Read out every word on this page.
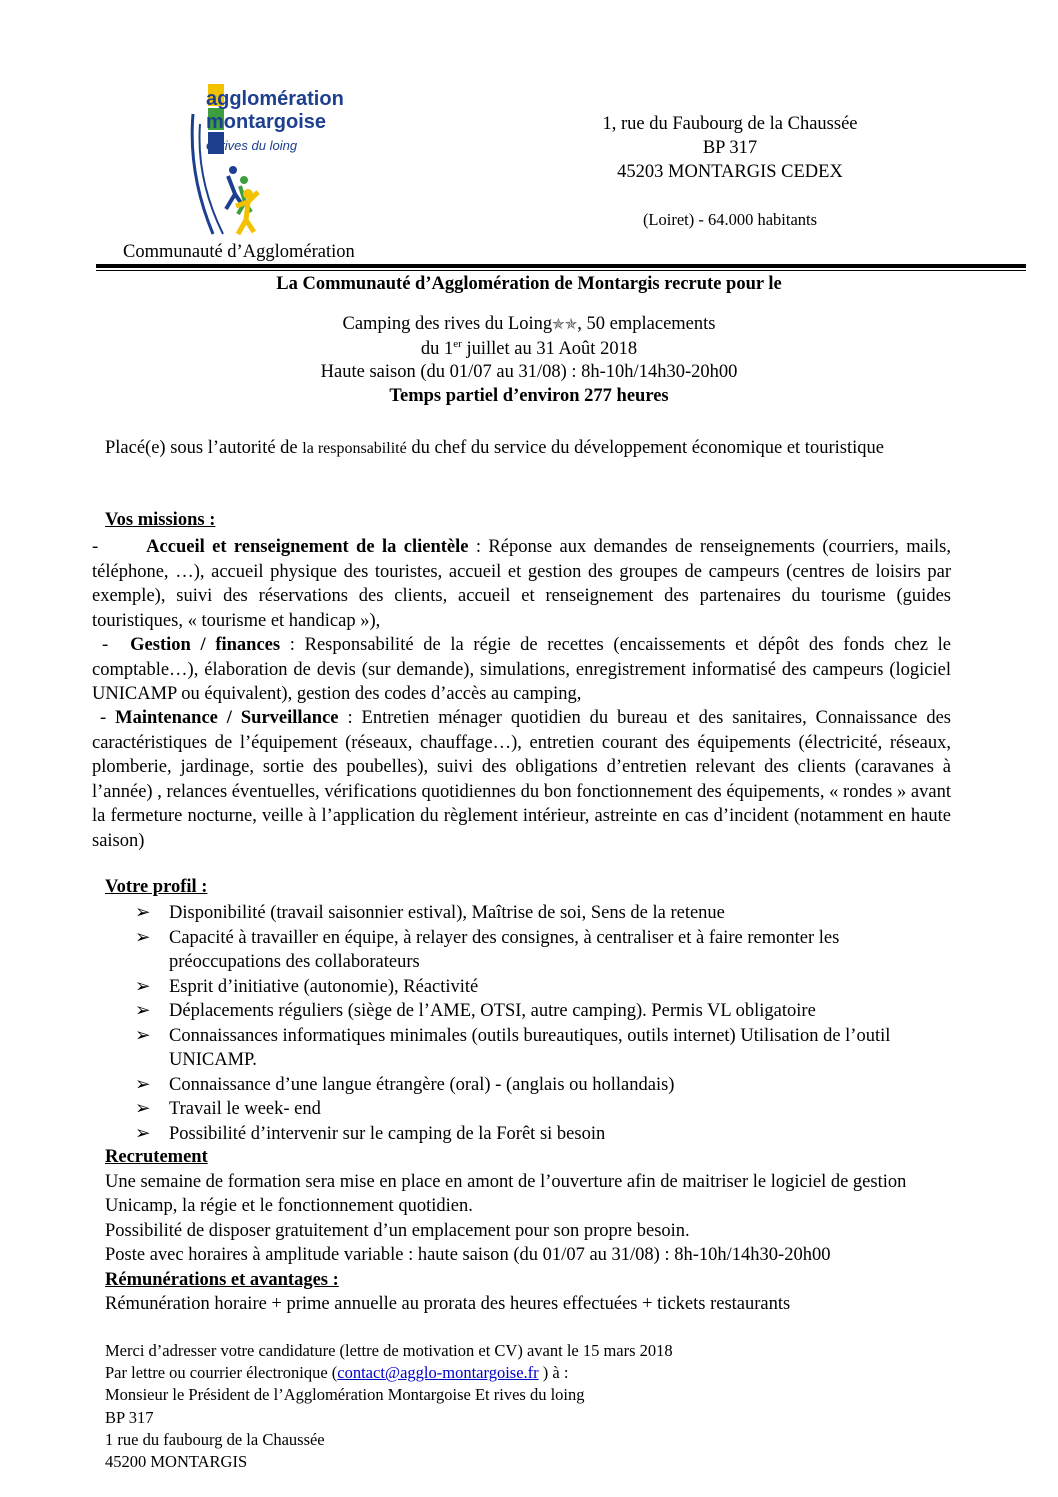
agglomération
montargoise
et rives du loing
1, rue du Faubourg de la Chaussée
BP 317
45203 MONTARGIS CEDEX
(Loiret) - 64.000 habitants
Communauté d’Agglomération
La Communauté d’Agglomération de Montargis recrute pour le
Camping des rives du Loing✯✯, 50 emplacements
du 1er juillet au 31 Août 2018
Haute saison (du 01/07 au 31/08) : 8h-10h/14h30-20h00
Temps partiel d’environ 277 heures
Placé(e) sous l’autorité de la responsabilité du chef du service du développement économique et touristique
Vos missions :
-	Accueil et renseignement de la clientèle : Réponse aux demandes de renseignements (courriers, mails, téléphone, …), accueil physique des touristes, accueil et gestion des groupes de campeurs (centres de loisirs par exemple), suivi des réservations des clients, accueil et renseignement des partenaires du tourisme (guides touristiques, « tourisme et handicap »),
- Gestion / finances : Responsabilité de la régie de recettes (encaissements et dépôt des fonds chez le comptable…), élaboration de devis (sur demande), simulations, enregistrement informatisé des campeurs (logiciel UNICAMP ou équivalent), gestion des codes d’accès au camping,
- Maintenance / Surveillance : Entretien ménager quotidien du bureau et des sanitaires, Connaissance des caractéristiques de l’équipement (réseaux, chauffage…), entretien courant des équipements (électricité, réseaux, plomberie, jardinage, sortie des poubelles), suivi des obligations d’entretien relevant des clients (caravanes à l’année) , relances éventuelles, vérifications quotidiennes du bon fonctionnement des équipements, « rondes » avant la fermeture nocturne, veille à l’application du règlement intérieur, astreinte en cas d’incident (notamment en haute saison)
Votre profil :
➢ Disponibilité (travail saisonnier estival), Maîtrise de soi, Sens de la retenue
➢ Capacité à travailler en équipe, à relayer des consignes, à centraliser et à faire remonter les préoccupations des collaborateurs
➢ Esprit d’initiative (autonomie), Réactivité
➢ Déplacements réguliers (siège de l’AME, OTSI, autre camping). Permis VL obligatoire
➢ Connaissances informatiques minimales (outils bureautiques, outils internet) Utilisation de l’outil UNICAMP.
➢ Connaissance d’une langue étrangère (oral) - (anglais ou hollandais)
➢ Travail le week- end
➢ Possibilité d’intervenir sur le camping de la Forêt si besoin
Recrutement
Une semaine de formation sera mise en place en amont de l’ouverture afin de maitriser le logiciel de gestion Unicamp, la régie et le fonctionnement quotidien.
Possibilité de disposer gratuitement d’un emplacement pour son propre besoin.
Poste avec horaires à amplitude variable : haute saison (du 01/07 au 31/08) : 8h-10h/14h30-20h00
Rémunérations et avantages :
Rémunération horaire + prime annuelle au prorata des heures effectuées + tickets restaurants
Merci d’adresser votre candidature (lettre de motivation et CV) avant le 15 mars 2018
Par lettre ou courrier électronique (contact@agglo-montargoise.fr ) à :
Monsieur le Président de l’Agglomération Montargoise Et rives du loing
BP 317
1 rue du faubourg de la Chaussée
45200 MONTARGIS
